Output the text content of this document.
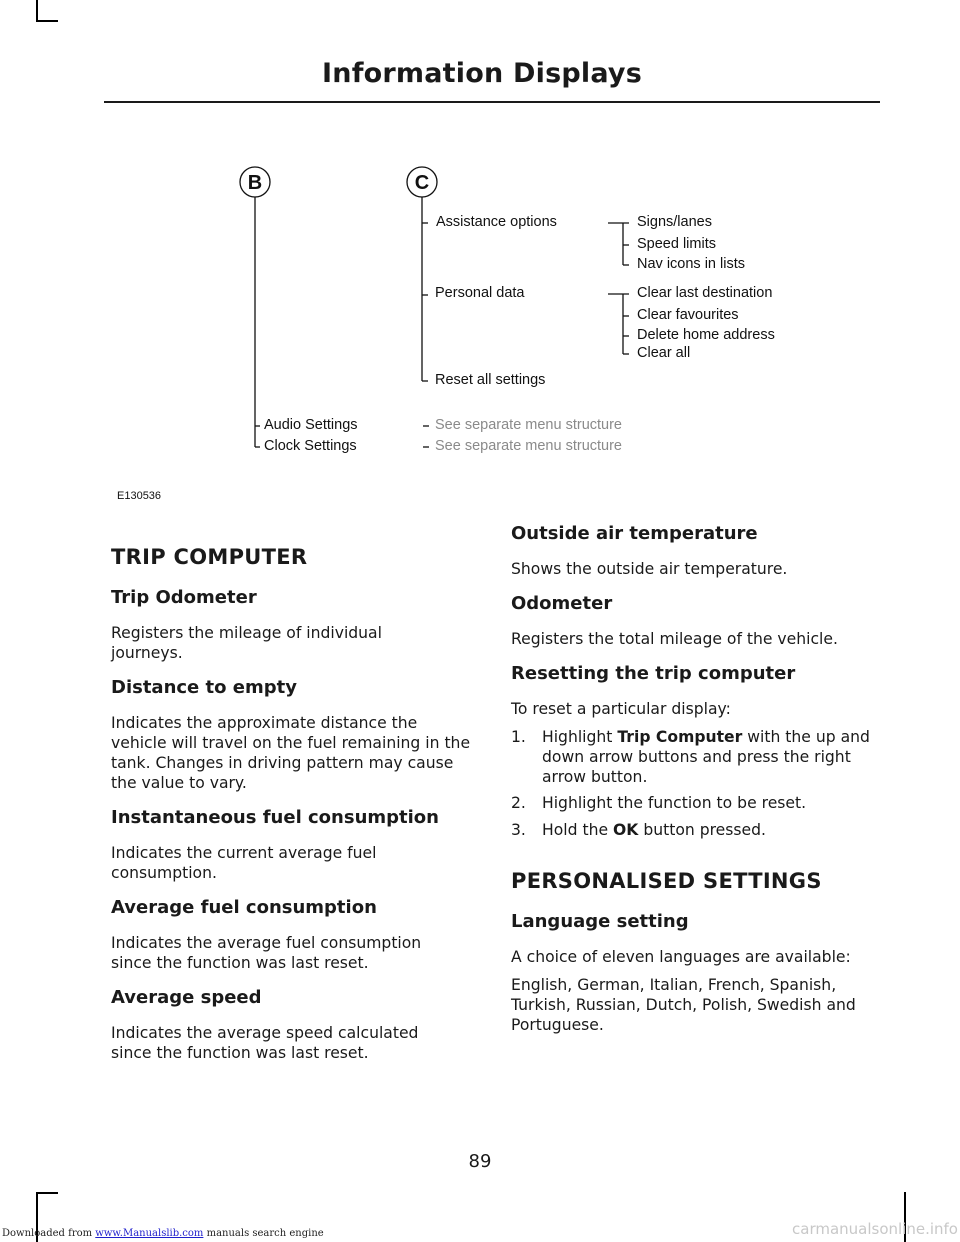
Information Displays
B	C
Assistance options	Signs/lanes
Speed limits
Nav icons in lists
Personal data	Clear last destination
Clear favourites
Delete home address
Clear all
Reset all settings
Audio Settings
Clock Settings
See separate menu structure
See separate menu structure
E130536
TRIP COMPUTER
Trip Odometer

Registers the mileage of individual journeys.

Distance to empty

Indicates the approximate distance the vehicle will travel on the fuel remaining in the tank. Changes in driving pattern may cause the value to vary.

Instantaneous fuel consumption

Indicates the current average fuel consumption.

Average fuel consumption

Indicates the average fuel consumption since the function was last reset.

Average speed

Indicates the average speed calculated since the function was last reset.

Outside air temperature

Shows the outside air temperature.

Odometer

Registers the total mileage of the vehicle.

Resetting the trip computer

To reset a particular display:

1. Highlight Trip Computer with the up and down arrow buttons and press the right arrow button.
2. Highlight the function to be reset.
3. Hold the OK button pressed.
PERSONALISED SETTINGS
Language setting

A choice of eleven languages are available:

English, German, Italian, French, Spanish, Turkish, Russian, Dutch, Polish, Swedish and Portuguese.

89
Downloaded from www.Manualslib.com manuals search engine	carmanualsonline.info
